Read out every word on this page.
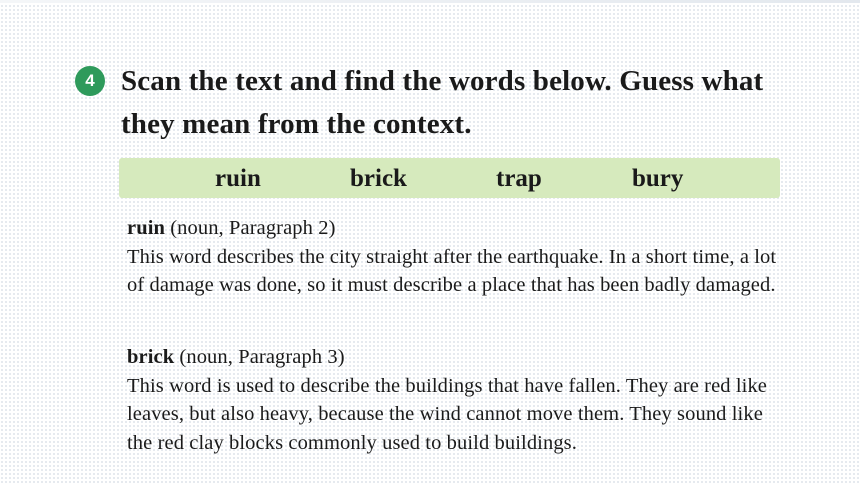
4 Scan the text and find the words below. Guess what they mean from the context.

ruin	brick	trap	bury
ruin (noun, Paragraph 2)
This word describes the city straight after the earthquake. In a short time, a lot of damage was done, so it must describe a place that has been badly damaged.
brick (noun, Paragraph 3)
This word is used to describe the buildings that have fallen. They are red like leaves, but also heavy, because the wind cannot move them. They sound like the red clay blocks commonly used to build buildings.
